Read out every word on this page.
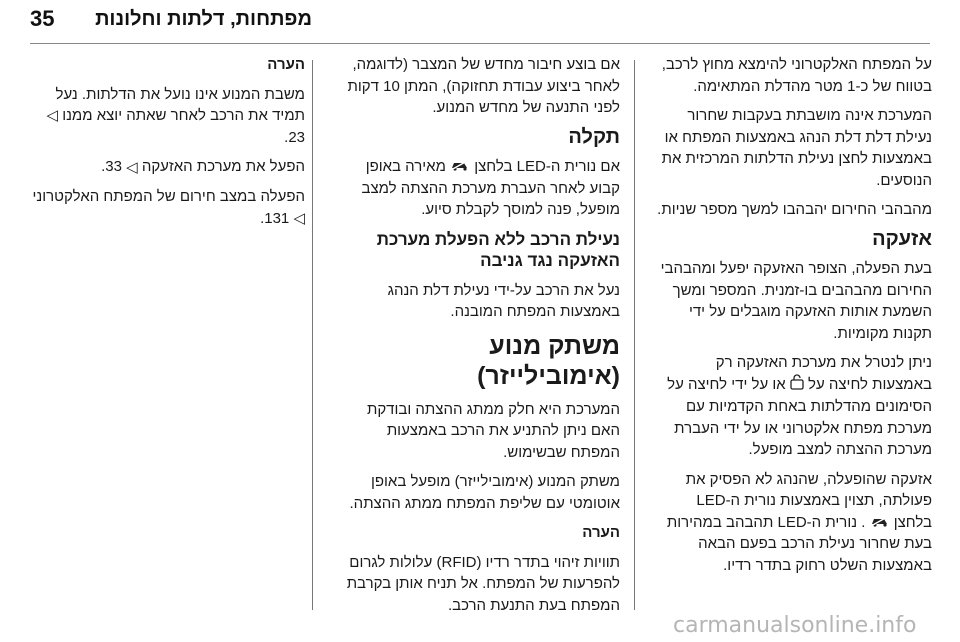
35 מפתחות, דלתות וחלונות

על המפתח האלקטרוני להימצא מחוץ לרכב, בטווח של כ-1 מטר מהדלת המתאימה.

המערכת אינה מושבתת בעקבות שחרור נעילת דלת דלת הנהג באמצעות המפתח או באמצעות לחצן נעילת הדלתות המרכזית את הנוסעים.

מהבהבי החירום יהבהבו למשך מספר שניות.

אזעקה

בעת הפעלה, הצופר האזעקה יפעל ומהבהבי החירום מהבהבים בו-זמנית. המספר ומשך השמעת אותות האזעקה מוגבלים על ידי תקנות מקומיות.

ניתן לנטרל את מערכת האזעקה רק באמצעות לחיצה על  או על ידי לחיצה על הסימונים מהדלתות באחת הקדמיות עם מערכת מפתח אלקטרוני או על ידי העברת מערכת ההצתה למצב מופעל.

אזעקה שהופעלה, שהנהג לא הפסיק את פעולתה, תצוין באמצעות נורית ה-LED בלחצן  . נורית ה-LED תהבהב במהירות בעת שחרור נעילת הרכב בפעם הבאה באמצעות השלט רחוק בתדר רדיו.

אם בוצע חיבור מחדש של המצבר (לדוגמה, לאחר ביצוע עבודת תחזוקה), המתן 10 דקות לפני התנעה של מחדש המנוע.

תקלה

אם נורית ה-LED בלחצן  מאירה באופן קבוע לאחר העברת מערכת ההצתה למצב מופעל, פנה למוסך לקבלת סיוע.

נעילת הרכב ללא הפעלת מערכת האזעקה נגד גניבה

נעל את הרכב על-ידי נעילת דלת הנהג באמצעות המפתח המובנה.

משתק מנוע (אימובילייזר)

המערכת היא חלק ממתג ההצתה ובודקת האם ניתן להתניע את הרכב באמצעות המפתח שבשימוש.

משתק המנוע (אימובילייזר) מופעל באופן אוטומטי עם שליפת המפתח ממתג ההצתה.

הערה

תוויות זיהוי בתדר רדיו (RFID) עלולות לגרום להפרעות של המפתח. אל תניח אותן בקרבת המפתח בעת התנעת הרכב.

הערה

משבת המנוע אינו נועל את הדלתות. נעל תמיד את הרכב לאחר שאתה יוצא ממנו ◁ 23.

הפעל את מערכת האזעקה ◁ 33.

הפעלה במצב חירום של המפתח האלקטרוני ◁ 131.

carmanualsonline.info
